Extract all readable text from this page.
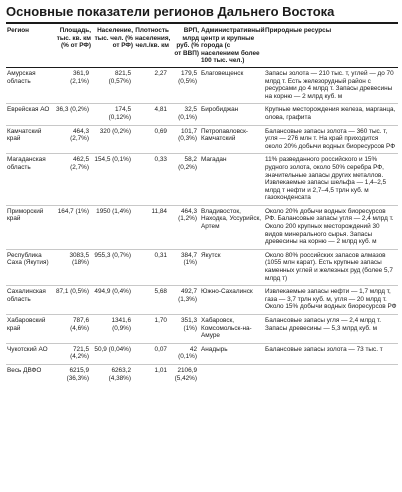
Основные показатели регионов Дальнего Востока
Регион	Площадь, тыс. кв. км (% от РФ)	Население, тыс. чел. (% от РФ)	Плотность населения, чел./кв. км	ВРП, млрд руб. (% от ВВП)	Административный центр и крупные города (с населением более 100 тыс. чел.)	Природные ресурсы
Амурская область	361,9 (2,1%)	821,5 (0,57%)	2,27	179,5 (0,5%)	Благовещенск	Запасы золота — 210 тыс. т, углей — до 70 млрд т. Есть железорудный район с ресурсами до 4 млрд т. Запасы древесины на корню — 2 млрд куб. м
Еврейская АО	36,3 (0,2%)	174,5 (0,12%)	4,81	32,5 (0,1%)	Биробиджан	Крупные месторождения железа, марганца, олова, графита
Камчатский край	464,3 (2,7%)	320 (0,2%)	0,69	101,7 (0,3%)	Петропавловск-Камчатский	Балансовые запасы золота — 360 тыс. т, угля — 276 млн т. На край приходится около 20% добычи водных биоресурсов РФ
Магаданская область	462,5 (2,7%)	154,5 (0,1%)	0,33	58,2 (0,2%)	Магадан	11% разведанного российского и 15% рудного золота, около 50% серебра РФ, значительные запасы других металлов. Извлекаемые запасы шельфа — 1,4–2,5 млрд т нефти и 2,7–4,5 трлн куб. м газоконденсата
Приморский край	164,7 (1%)	1950 (1,4%)	11,84	464,3 (1,2%)	Владивосток, Находка, Уссурийск, Артем	Около 20% добычи водных биоресурсов РФ. Балансовые запасы угля — 2,4 млрд т. Около 200 крупных месторождений 30 видов минерального сырья. Запасы древесины на корню — 2 млрд куб. м
Республика Саха (Якутия)	3083,5 (18%)	955,3 (0,7%)	0,31	384,7 (1%)	Якутск	Около 80% российских запасов алмазов (1055 млн карат). Есть крупные запасы каменных углей и железных руд (более 5,7 млрд т)
Сахалинская область	87,1 (0,5%)	494,9 (0,4%)	5,68	492,7 (1,3%)	Южно-Сахалинск	Извлекаемые запасы нефти — 1,7 млрд т, газа — 3,7 трлн куб. м, угля — 20 млрд т. Около 15% добычи водных биоресурсов РФ
Хабаровский край	787,6 (4,6%)	1341,6 (0,9%)	1,70	351,3 (1%)	Хабаровск, Комсомольск-на-Амуре	Балансовые запасы угля — 2,4 млрд т. Запасы древесины — 5,3 млрд куб. м
Чукотский АО	721,5 (4,2%)	50,9 (0,04%)	0,07	42 (0,1%)	Анадырь	Балансовые запасы золота — 73 тыс. т
Весь ДВФО	6215,9 (36,3%)	6263,2 (4,38%)	1,01	2106,9 (5,42%)		
